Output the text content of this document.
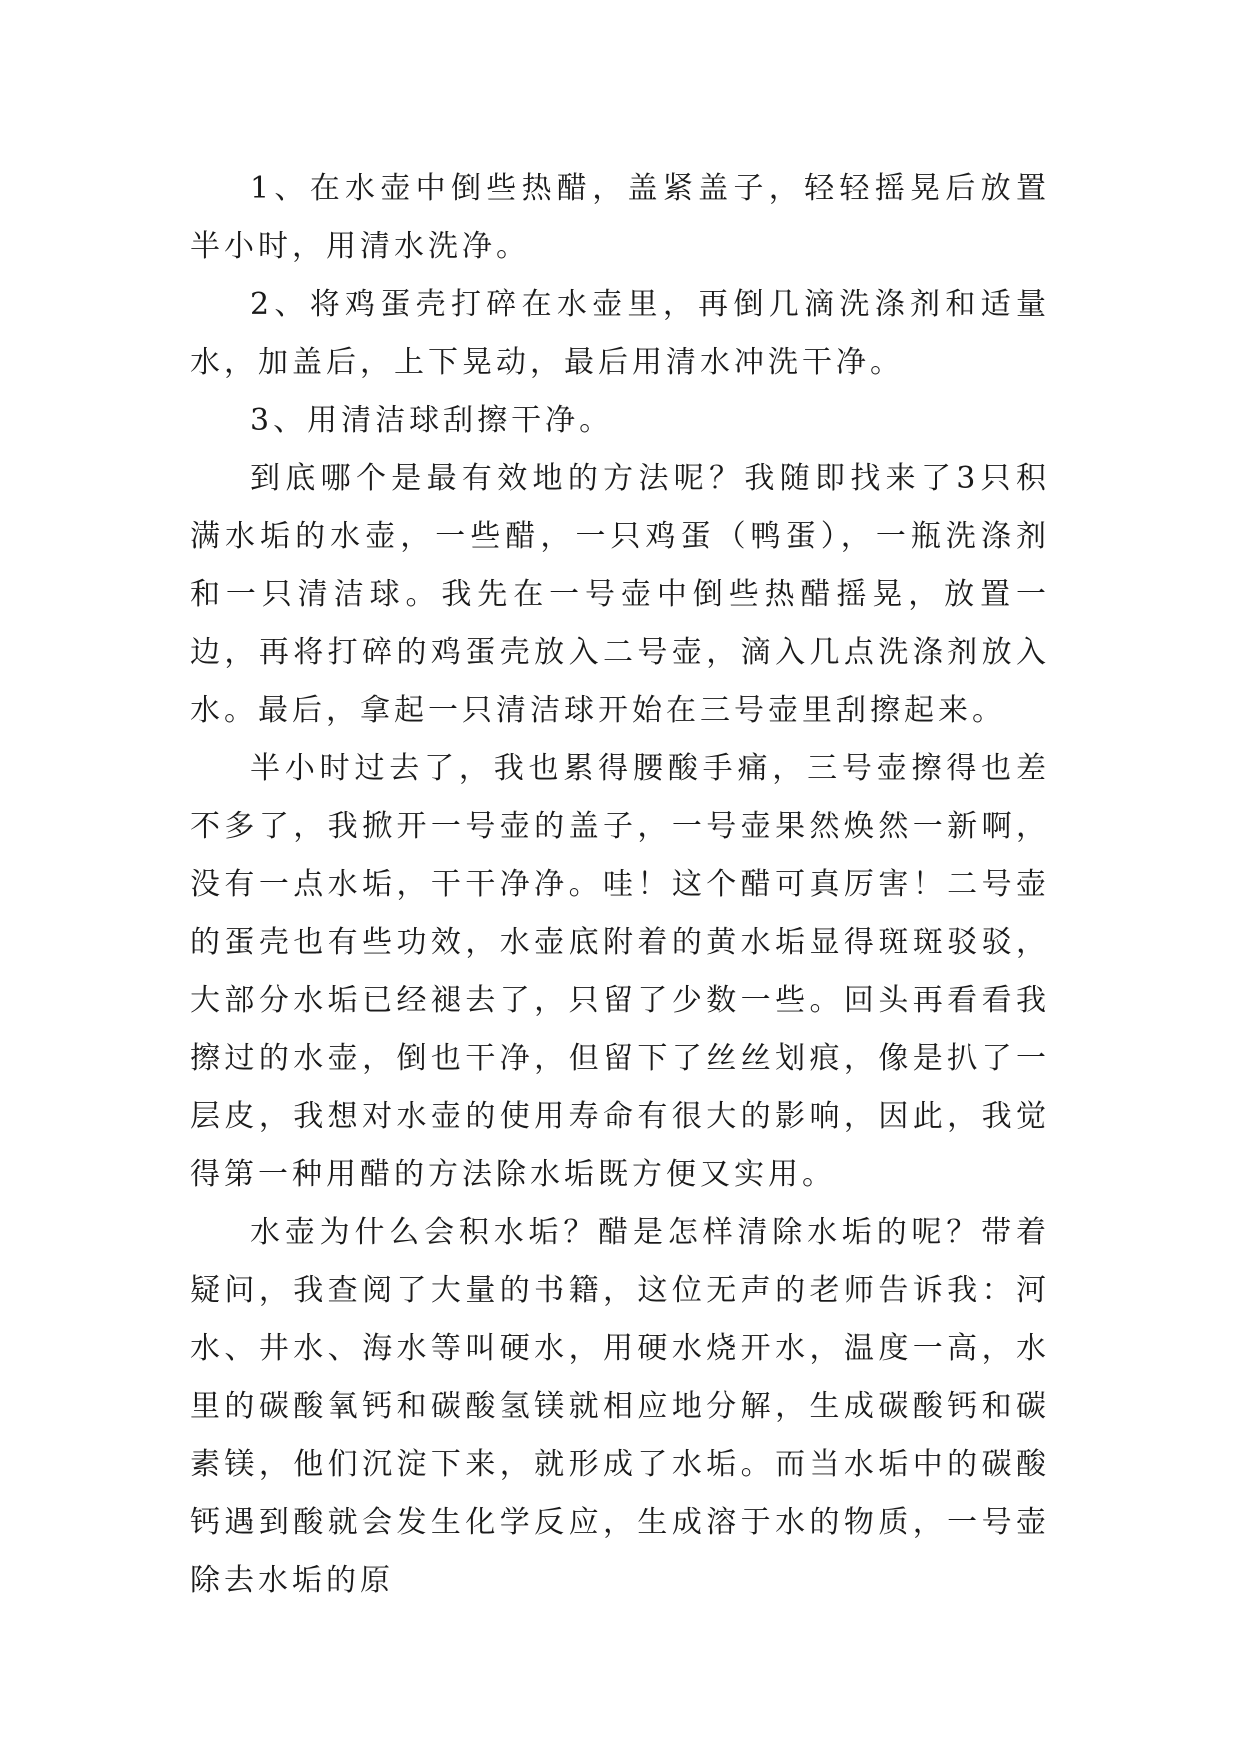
1、在水壶中倒些热醋，盖紧盖子，轻轻摇晃后放置半小时，用清水洗净。

2、将鸡蛋壳打碎在水壶里，再倒几滴洗涤剂和适量水，加盖后，上下晃动，最后用清水冲洗干净。

3、用清洁球刮擦干净。

到底哪个是最有效地的方法呢？我随即找来了3只积满水垢的水壶，一些醋，一只鸡蛋（鸭蛋），一瓶洗涤剂和一只清洁球。我先在一号壶中倒些热醋摇晃，放置一边，再将打碎的鸡蛋壳放入二号壶，滴入几点洗涤剂放入水。最后，拿起一只清洁球开始在三号壶里刮擦起来。

半小时过去了，我也累得腰酸手痛，三号壶擦得也差不多了，我掀开一号壶的盖子，一号壶果然焕然一新啊，没有一点水垢，干干净净。哇！这个醋可真厉害！二号壶的蛋壳也有些功效，水壶底附着的黄水垢显得斑斑驳驳，大部分水垢已经褪去了，只留了少数一些。回头再看看我擦过的水壶，倒也干净，但留下了丝丝划痕，像是扒了一层皮，我想对水壶的使用寿命有很大的影响，因此，我觉得第一种用醋的方法除水垢既方便又实用。

水壶为什么会积水垢？醋是怎样清除水垢的呢？带着疑问，我查阅了大量的书籍，这位无声的老师告诉我：河水、井水、海水等叫硬水，用硬水烧开水，温度一高，水里的碳酸氧钙和碳酸氢镁就相应地分解，生成碳酸钙和碳素镁，他们沉淀下来，就形成了水垢。而当水垢中的碳酸钙遇到酸就会发生化学反应，生成溶于水的物质，一号壶除去水垢的原
